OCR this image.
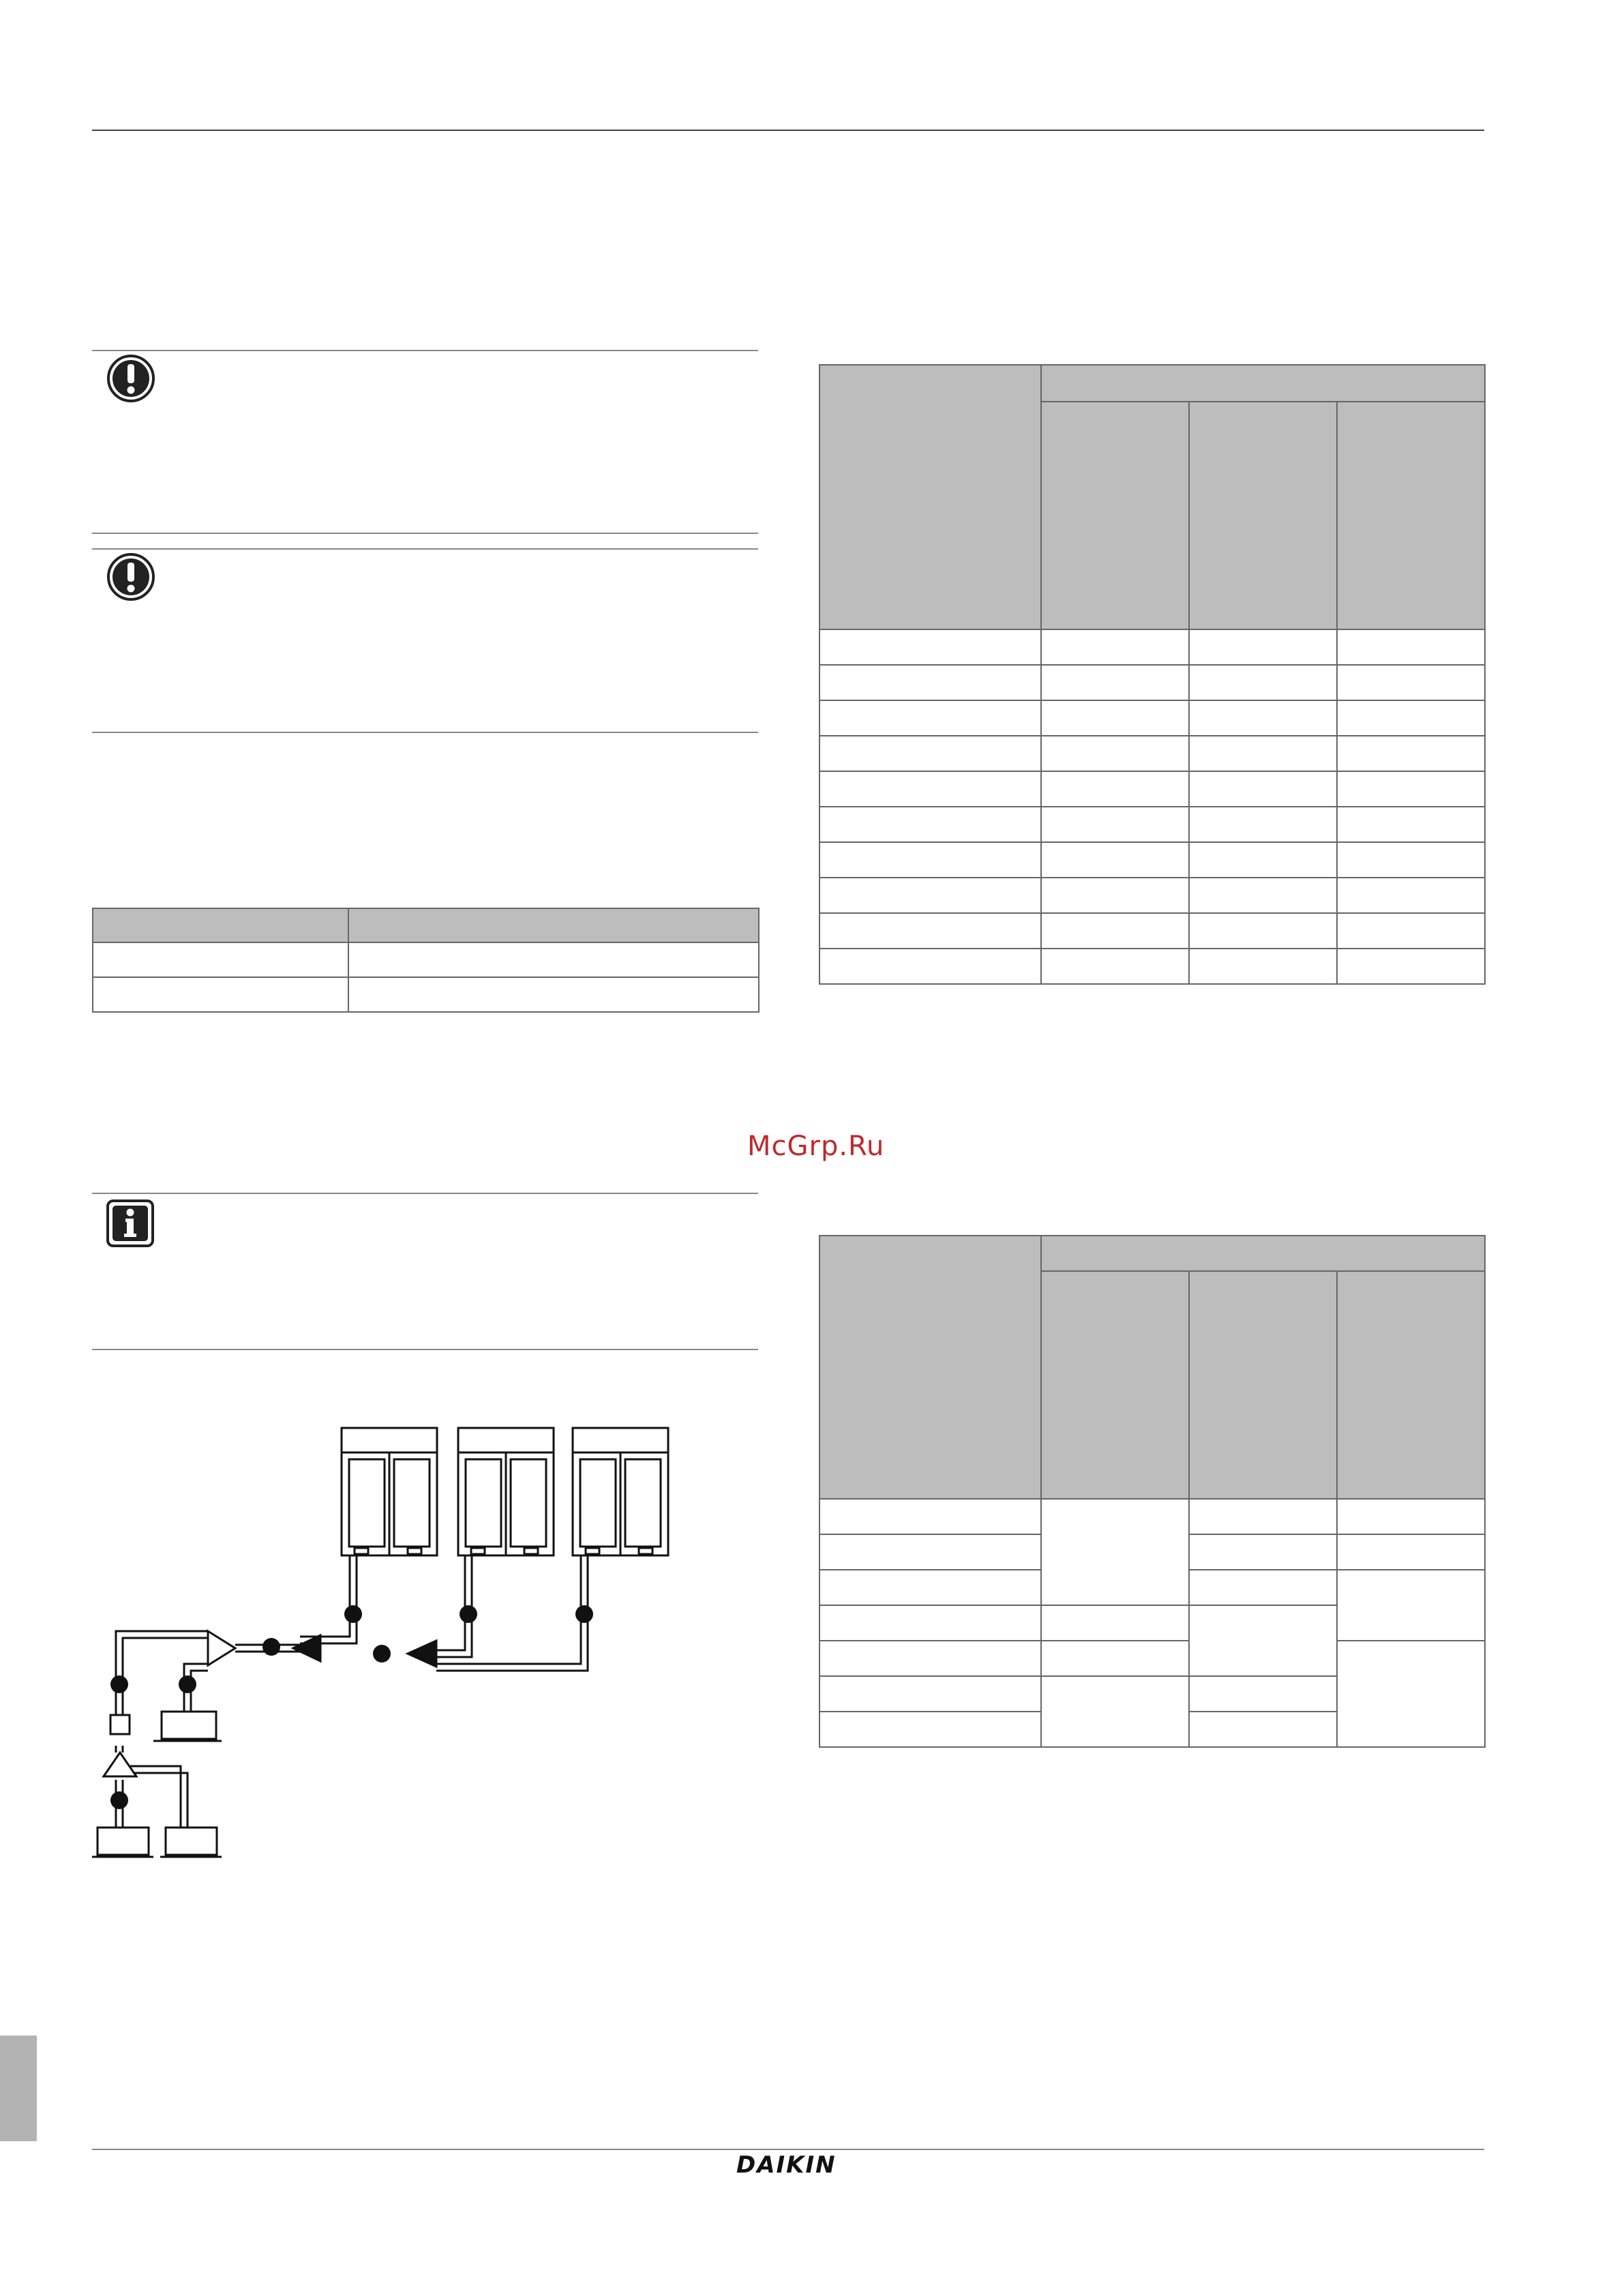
McGrp.Ru

DAIKIN
